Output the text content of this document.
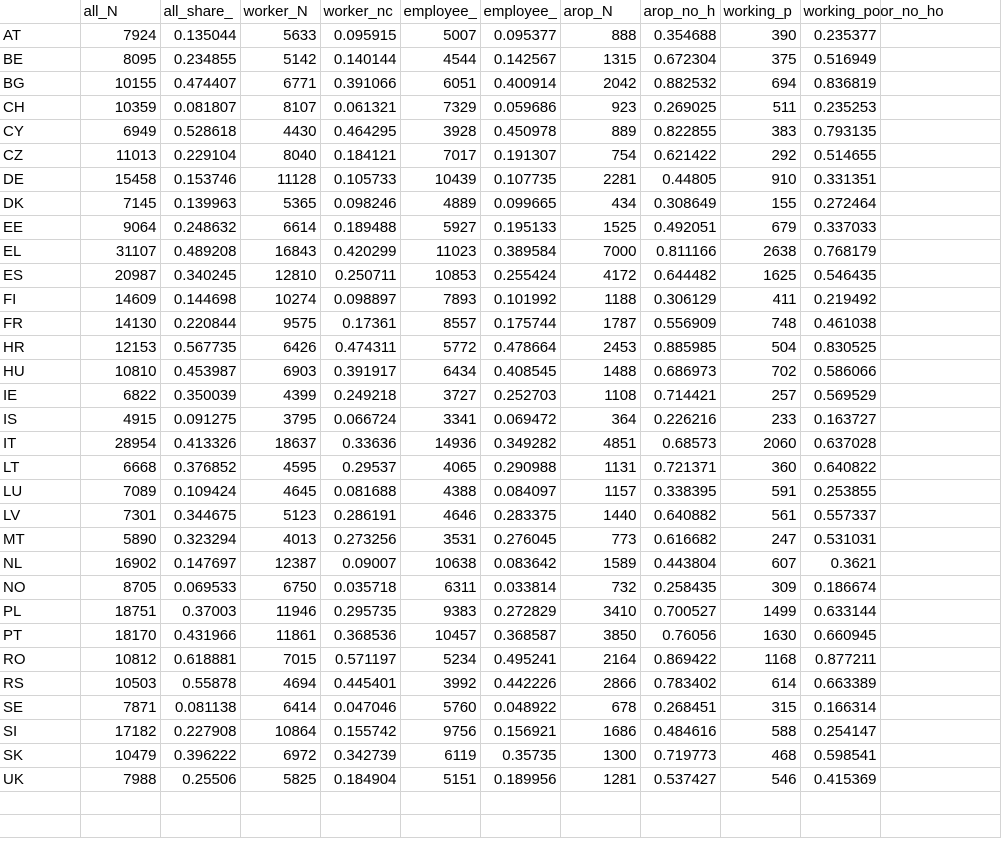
	all_N	all_share_	worker_N	worker_nc	employee_	employee_	arop_N	arop_no_h	working_p	working_poor_no_ho	
AT	7924	0.135044	5633	0.095915	5007	0.095377	888	0.354688	390	0.235377	
BE	8095	0.234855	5142	0.140144	4544	0.142567	1315	0.672304	375	0.516949	
BG	10155	0.474407	6771	0.391066	6051	0.400914	2042	0.882532	694	0.836819	
CH	10359	0.081807	8107	0.061321	7329	0.059686	923	0.269025	511	0.235253	
CY	6949	0.528618	4430	0.464295	3928	0.450978	889	0.822855	383	0.793135	
CZ	11013	0.229104	8040	0.184121	7017	0.191307	754	0.621422	292	0.514655	
DE	15458	0.153746	11128	0.105733	10439	0.107735	2281	0.44805	910	0.331351	
DK	7145	0.139963	5365	0.098246	4889	0.099665	434	0.308649	155	0.272464	
EE	9064	0.248632	6614	0.189488	5927	0.195133	1525	0.492051	679	0.337033	
EL	31107	0.489208	16843	0.420299	11023	0.389584	7000	0.811166	2638	0.768179	
ES	20987	0.340245	12810	0.250711	10853	0.255424	4172	0.644482	1625	0.546435	
FI	14609	0.144698	10274	0.098897	7893	0.101992	1188	0.306129	411	0.219492	
FR	14130	0.220844	9575	0.17361	8557	0.175744	1787	0.556909	748	0.461038	
HR	12153	0.567735	6426	0.474311	5772	0.478664	2453	0.885985	504	0.830525	
HU	10810	0.453987	6903	0.391917	6434	0.408545	1488	0.686973	702	0.586066	
IE	6822	0.350039	4399	0.249218	3727	0.252703	1108	0.714421	257	0.569529	
IS	4915	0.091275	3795	0.066724	3341	0.069472	364	0.226216	233	0.163727	
IT	28954	0.413326	18637	0.33636	14936	0.349282	4851	0.68573	2060	0.637028	
LT	6668	0.376852	4595	0.29537	4065	0.290988	1131	0.721371	360	0.640822	
LU	7089	0.109424	4645	0.081688	4388	0.084097	1157	0.338395	591	0.253855	
LV	7301	0.344675	5123	0.286191	4646	0.283375	1440	0.640882	561	0.557337	
MT	5890	0.323294	4013	0.273256	3531	0.276045	773	0.616682	247	0.531031	
NL	16902	0.147697	12387	0.09007	10638	0.083642	1589	0.443804	607	0.3621	
NO	8705	0.069533	6750	0.035718	6311	0.033814	732	0.258435	309	0.186674	
PL	18751	0.37003	11946	0.295735	9383	0.272829	3410	0.700527	1499	0.633144	
PT	18170	0.431966	11861	0.368536	10457	0.368587	3850	0.76056	1630	0.660945	
RO	10812	0.618881	7015	0.571197	5234	0.495241	2164	0.869422	1168	0.877211	
RS	10503	0.55878	4694	0.445401	3992	0.442226	2866	0.783402	614	0.663389	
SE	7871	0.081138	6414	0.047046	5760	0.048922	678	0.268451	315	0.166314	
SI	17182	0.227908	10864	0.155742	9756	0.156921	1686	0.484616	588	0.254147	
SK	10479	0.396222	6972	0.342739	6119	0.35735	1300	0.719773	468	0.598541	
UK	7988	0.25506	5825	0.184904	5151	0.189956	1281	0.537427	546	0.415369	
